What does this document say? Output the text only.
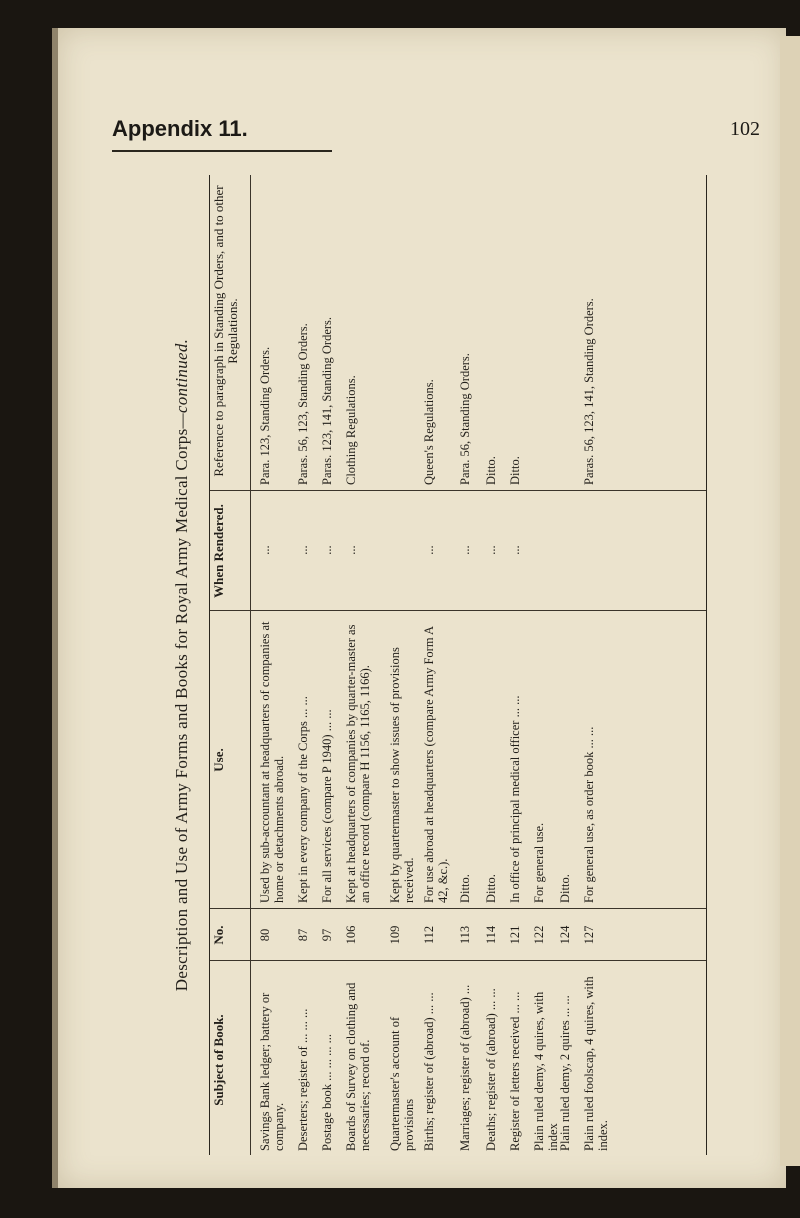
Appendix 11.	102
Description and Use of Army Forms and Books for Royal Army Medical Corps—continued.
Subject of Book.
No.
Use.
When Rendered.
Reference to paragraph in Standing Orders, and to other Regulations.
Savings Bank ledger; battery or company.
80
Used by sub-accountant at headquarters of companies at home or detachments abroad.
...
Para. 123, Standing Orders.
Deserters; register of ... ... ...
87
Kept in every company of the Corps ... ...
...
Paras. 56, 123, Standing Orders.
Postage book ... ... ... ...
97
For all services (compare P 1940) ... ...
...
Paras. 123, 141, Standing Orders.
Boards of Survey on clothing and necessaries; record of.
106
Kept at headquarters of companies by quarter-master as an office record (compare H 1156, 1165, 1166).
...
Clothing Regulations.
Quartermaster's account of provisions
109
Kept by quartermaster to show issues of provisions received.
Births; register of (abroad) ... ...
112
For use abroad at headquarters (compare Army Form A 42, &c.).
...
Queen's Regulations.
Marriages; register of (abroad) ...
113
Ditto.
...
Para. 56, Standing Orders.
Deaths; register of (abroad) ... ...
114
Ditto.
...
Ditto.
Register of letters received ... ...
121
In office of principal medical officer ... ...
...
Ditto.
Plain ruled demy, 4 quires, with index
122
For general use.
Plain ruled demy, 2 quires ... ...
124
Ditto.
Plain ruled foolscap, 4 quires, with index.
127
For general use, as order book ... ...
Paras. 56, 123, 141, Standing Orders.
